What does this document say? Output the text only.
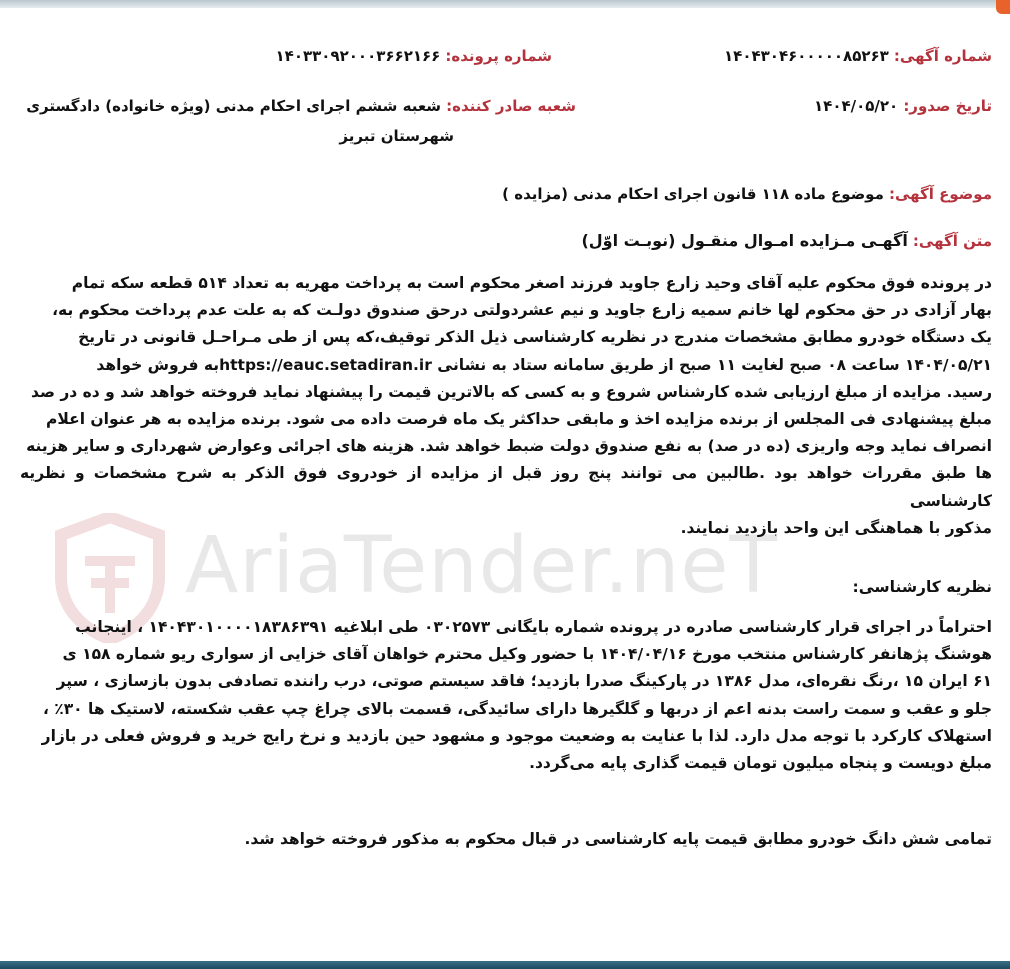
شماره آگهی: ۱۴۰۴۳۰۴۶۰۰۰۰۰۸۵۲۶۳
شماره پرونده: ۱۴۰۳۳۰۹۲۰۰۰۳۶۶۲۱۶۶
تاریخ صدور: ۱۴۰۴/۰۵/۲۰
شعبه صادر کننده: شعبه ششم اجرای احکام مدنی (ویژه خانواده) دادگستری
شهرستان تبریز
موضوع آگهی: موضوع ماده ۱۱۸ قانون اجرای احکام مدنی (مزایده )
متن آگهی: آگهـی مـزایده امـوال منقـول (نوبـت اوّل)
AriaTender.neT
در پرونده فوق محکوم علیه آقای وحید زارع جاوید فرزند اصغر محکوم است به پرداخت مهریه به تعداد ۵۱۴ قطعه سکه تمام
بهار آزادی در حق محکوم لها خانم سمیه زارع جاوید و نیم عشردولتی درحق صندوق دولـت که به علت عدم پرداخت محکوم به،
یک دستگاه خودرو مطابق مشخصات مندرج در نظریه کارشناسی ذیل الذکر توقیف،که پس از طی مـراحـل قانونی در تاریخ
۱۴۰۴/۰۵/۲۱ ساعت ۰۸ صبح لغایت ۱۱ صبح از طریق سامانه ستاد به نشانی https://eauc.setadiran.irبه فروش خواهد
رسید. مزایده از مبلغ ارزیابی شده کارشناس شروع و به کسی که بالاترین قیمت را پیشنهاد نماید فروخته خواهد شد و ده در صد
مبلغ پیشنهادی فی المجلس از برنده مزایده اخذ و مابقی حداکثر یک ماه فرصت داده می شود. برنده مزایده به هر عنوان اعلام
انصراف نماید وجه واریزی (ده در صد) به نفع صندوق دولت ضبط خواهد شد. هزینه های اجرائی وعوارض شهرداری و سایر هزینه
ها طبق مقررات خواهد بود .طالبین می توانند پنج روز قبل از مزایده از خودروی فوق الذکر به شرح مشخصات و نظریه کارشناسی
مذکور با هماهنگی این واحد بازدید نمایند.
نظریه کارشناسی:
احتراماً در اجرای قرار کارشناسی صادره در پرونده شماره بایگانی ۰۳۰۲۵۷۳ طی ابلاغیه ۱۴۰۴۳۰۱۰۰۰۰۱۸۳۸۶۳۹۱ ، اینجانب
هوشنگ پژهانفر کارشناس منتخب مورخ ۱۴۰۴/۰۴/۱۶ با حضور وکیل محترم خواهان آقای خزایی از سواری ریو شماره ۱۵۸ ی
۶۱ ایران ۱۵ ،رنگ نقره‌ای، مدل ۱۳۸۶ در پارکینگ صدرا بازدید؛ فاقد سیستم صوتی، درب راننده تصادفی بدون بازسازی ، سپر
جلو و عقب و سمت راست بدنه اعم از دربها و گلگیرها دارای سائیدگی، قسمت بالای چراغ چپ عقب شکسته، لاستیک ها ۳۰٪ ،
استهلاک کارکرد با توجه مدل دارد. لذا با عنایت به وضعیت موجود و مشهود حین بازدید و نرخ رایج خرید و فروش فعلی در بازار
مبلغ دویست و پنجاه میلیون تومان قیمت گذاری پایه می‌گردد.
تمامی شش دانگ خودرو مطابق قیمت پایه کارشناسی در قبال محکوم به مذکور فروخته خواهد شد.
